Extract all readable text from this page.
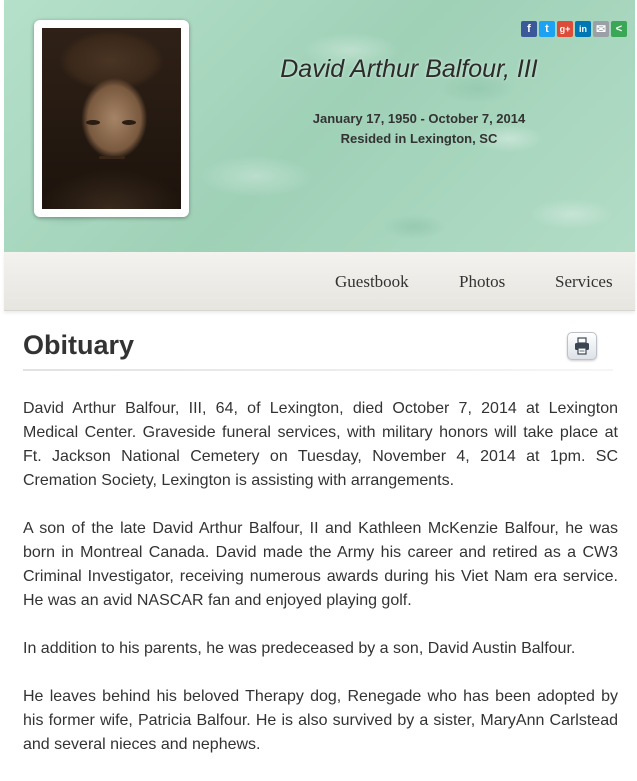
f	t	g+ in ✉ <
David Arthur Balfour, III
January 17, 1950 - October 7, 2014
Resided in Lexington, SC
Guestbook	Photos	Services
Obituary

David Arthur Balfour, III, 64, of Lexington, died October 7, 2014 at Lexington Medical Center. Graveside funeral services, with military honors will take place at Ft. Jackson National Cemetery on Tuesday, November 4, 2014 at 1pm. SC Cremation Society, Lexington is assisting with arrangements.

A son of the late David Arthur Balfour, II and Kathleen McKenzie Balfour, he was born in Montreal Canada. David made the Army his career and retired as a CW3 Criminal Investigator, receiving numerous awards during his Viet Nam era service. He was an avid NASCAR fan and enjoyed playing golf.

In addition to his parents, he was predeceased by a son, David Austin Balfour.

He leaves behind his beloved Therapy dog, Renegade who has been adopted by his former wife, Patricia Balfour. He is also survived by a sister, MaryAnn Carlstead and several nieces and nephews.
